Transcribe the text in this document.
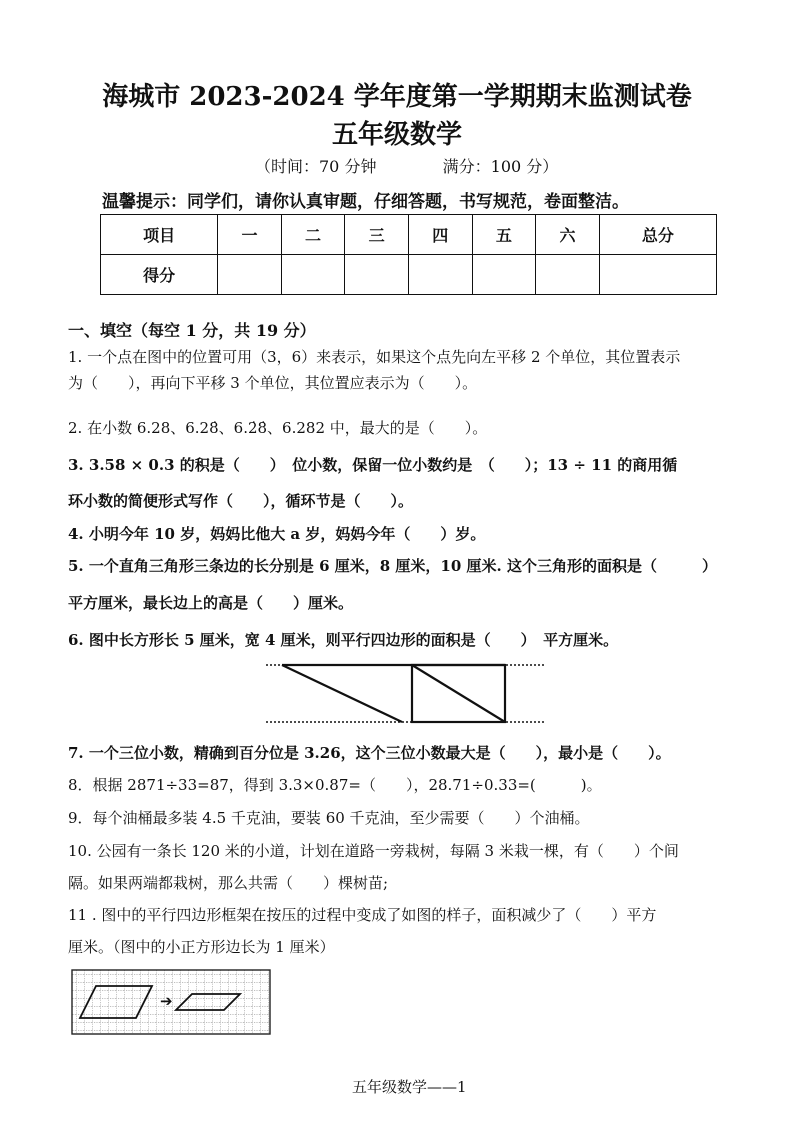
海城市 2023-2024 学年度第一学期期末监测试卷
五年级数学
（时间：70 分钟	满分：100 分）
温馨提示：同学们，请你认真审题，仔细答题，书写规范，卷面整洁。
项目	一	二	三	四	五	六	总分
得分							
一、填空（每空 1 分，共 19 分）
1. 一个点在图中的位置可用（3，6）来表示，如果这个点先向左平移 2 个单位，其位置表示
为（　　），再向下平移 3 个单位，其位置应表示为（　　）。
2. 在小数 6.28、6.28̇、6.2̇8̇、6.282 中，最大的是（　　）。
3. 3.58 × 0.3 的积是（　　）　位小数，保留一位小数约是　（　　）；13 ÷ 11 的商用循
环小数的简便形式写作（　　），循环节是（　　）。
4. 小明今年 10 岁，妈妈比他大 a 岁，妈妈今年（　　）岁。
5. 一个直角三角形三条边的长分别是 6 厘米，8 厘米，10 厘米. 这个三角形的面积是（　　　）
平方厘米，最长边上的高是（　　）厘米。
6. 图中长方形长 5 厘米，宽 4 厘米，则平行四边形的面积是（　　）　平方厘米。
7. 一个三位小数，精确到百分位是 3.26，这个三位小数最大是（　　），最小是（　　）。
8．根据 2871÷33=87，得到 3.3×0.87=（　　），28.71÷0.33=(　　　)。
9．每个油桶最多装 4.5 千克油，要装 60 千克油，至少需要（　　）个油桶。
10. 公园有一条长 120 米的小道，计划在道路一旁栽树，每隔 3 米栽一棵，有（　　）个间
隔。如果两端都栽树，那么共需（　　）棵树苗;
11 . 图中的平行四边形框架在按压的过程中变成了如图的样子，面积减少了（　　）平方
厘米。（图中的小正方形边长为 1 厘米）
➔
五年级数学——1
